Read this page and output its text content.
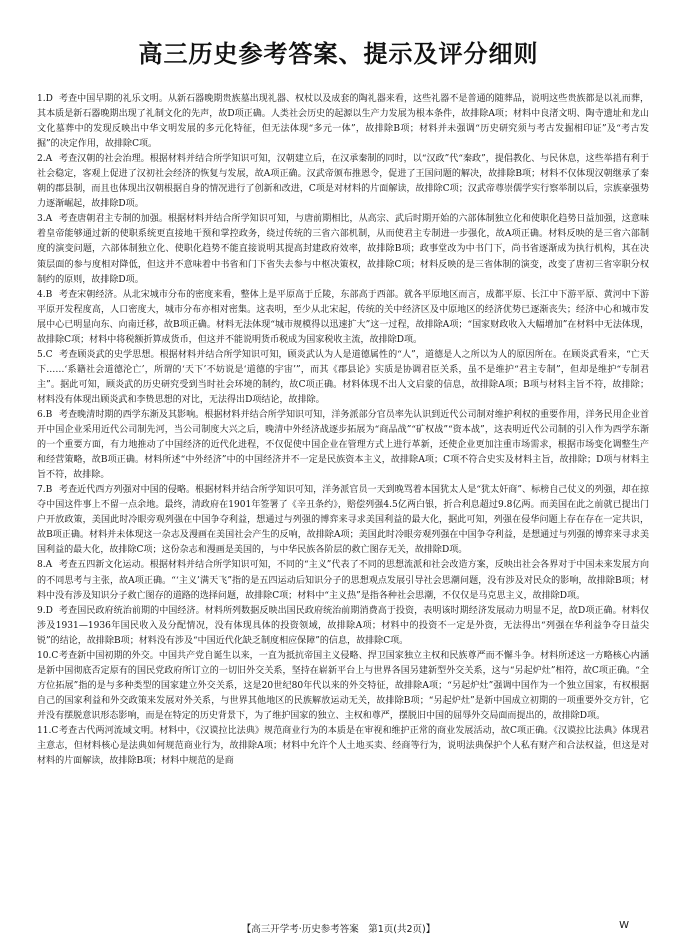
高三历史参考答案、提示及评分细则

1.D 考查中国早期的礼乐文明。从新石器晚期贵族墓出现礼器、权杖以及成套的陶礼器来看，这些礼器不是普通的随葬品，说明这些贵族都是以礼而葬，其本质是新石器晚期出现了礼制文化的先声，故D项正确。人类社会历史的起源以生产力发展为根本条件，故排除A项；材料中良渚文明、陶寺遗址和龙山文化墓葬中的发现反映出中华文明发展的多元化特征，但无法体现“多元一体”，故排除B项；材料并未强调“历史研究须与考古发掘相印证”及“考古发掘”的决定作用，故排除C项。

2.A 考查汉朝的社会治理。根据材料并结合所学知识可知，汉朝建立后，在汉承秦制的同时，以“汉政”代“秦政”，提倡教化、与民休息，这些举措有利于社会稳定，客观上促进了汉初社会经济的恢复与发展，故A项正确。汉武帝颁布推恩令，促进了王国问题的解决，故排除B项；材料不仅体现汉朝继承了秦朝的郡县制，而且也体现出汉朝根据自身的情况进行了创新和改进，C项是对材料的片面解读，故排除C项；汉武帝尊崇儒学实行察举制以后，宗族豪强势力逐渐崛起，故排除D项。

3.A 考查唐朝君主专制的加强。根据材料并结合所学知识可知，与唐前期相比，从高宗、武后时期开始的六部体制独立化和使职化趋势日益加强，这意味着皇帝能够通过新的使职系统更直接地干预和掌控政务，绕过传统的三省六部机制，从而使君主专制进一步强化，故A项正确。材料反映的是三省六部制度的演变问题，六部体制独立化、使职化趋势不能直接说明其提高封建政府效率，故排除B项；政事堂改为中书门下，尚书省逐渐成为执行机构，其在决策层面的参与度相对降低，但这并不意味着中书省和门下省失去参与中枢决策权，故排除C项；材料反映的是三省体制的演变，改变了唐初三省宰职分权制约的原则，故排除D项。

4.B 考查宋朝经济。从北宋城市分布的密度来看，整体上是平原高于丘陵，东部高于西部。就各平原地区而言，成都平原、长江中下游平原、黄河中下游平原开发程度高，人口密度大，城市分布亦相对密集。这表明，至少从北宋起，传统的关中经济区及中原地区的经济优势已逐渐丧失；经济中心和城市发展中心已明显向东、向南迁移，故B项正确。材料无法体现“城市规模得以迅速扩大”这一过程，故排除A项；“国家财政收入大幅增加”在材料中无法体现，故排除C项；材料中将税额折算成货币，但这并不能说明货币税成为国家税收主流，故排除D项。

5.C 考查顾炎武的史学思想。根据材料并结合所学知识可知，顾炎武认为人是道德属性的“人”，道德是人之所以为人的原因所在。在顾炎武看来，“亡天下……‘系籍社会道德沦亡’，所谓的‘天下’不妨说是‘道德的宇宙’”，而其《郡县论》实质是协调君臣关系，虽不是维护“君主专制”，但却是维护“专制君主”。据此可知，顾炎武的历史研究受到当时社会环境的制约，故C项正确。材料体现不出人文启蒙的信息，故排除A项；B项与材料主旨不符，故排除；材料没有体现出顾炎武和李贽思想的对比，无法得出D项结论，故排除。

6.B 考查晚清时期的西学东渐及其影响。根据材料并结合所学知识可知，洋务派部分官员率先认识到近代公司制对维护利权的重要作用，洋务民用企业首开中国企业采用近代公司制先河，当公司制度大兴之后，晚清中外经济战逐步拓展为“商品战”“矿权战”“资本战”，这表明近代公司制的引入作为西学东渐的一个重要方面，有力地推动了中国经济的近代化进程，不仅促使中国企业在管理方式上进行革新，还使企业更加注重市场需求，根据市场变化调整生产和经营策略，故B项正确。材料所述“中外经济”中的中国经济并不一定是民族资本主义，故排除A项；C项不符合史实及材料主旨，故排除；D项与材料主旨不符，故排除。

7.B 考查近代西方列强对中国的侵略。根据材料并结合所学知识可知，洋务派官员一天到晚骂着本国犹太人是“犹太奸商”、标榜自己仗义的列强，却在掠夺中国这件事上不留一点余地。最终，清政府在1901年签署了《辛丑条约》，赔偿列强4.5亿两白银，折合利息超过9.8亿两。而美国在此之前就已提出门户开放政策，美国此时冷眼旁观列强在中国争夺利益，想通过与列强的博弈来寻求美国利益的最大化，据此可知，列强在侵华问题上存在存在一定共识，故B项正确。材料并未体现这一杂志及漫画在美国社会产生的反响，故排除A项；美国此时冷眼旁观列强在中国争夺利益，是想通过与列强的博弈来寻求美国利益的最大化，故排除C项；这份杂志和漫画是美国的，与中华民族各阶层的救亡图存无关，故排除D项。

8.A 考查五四新文化运动。根据材料并结合所学知识可知，不同的“主义”代表了不同的思想流派和社会改造方案，反映出社会各界对于中国未来发展方向的不同思考与主张，故A项正确。“‘主义’满天飞”指的是五四运动后知识分子的思想观点发展引导社会思潮问题，没有涉及对民众的影响，故排除B项；材料中没有涉及知识分子救亡图存的道路的选择问题，故排除C项；材料中“主义热”是指各种社会思潮，不仅仅是马克思主义，故排除D项。

9.D 考查国民政府统治前期的中国经济。材料所列数据反映出国民政府统治前期消费高于投资，表明该时期经济发展动力明显不足，故D项正确。材料仅涉及1931—1936年国民收入及分配情况，没有体现具体的投资领域，故排除A项；材料中的投资不一定是外资，无法得出“列强在华利益争夺日益尖锐”的结论，故排除B项；材料没有涉及“中国近代化缺乏制度相应保障”的信息，故排除C项。

10.C考查新中国初期的外交。中国共产党自诞生以来，一直为抵抗帝国主义侵略、捍卫国家独立主权和民族尊严而不懈斗争。材料所述这一方略核心内涵是新中国彻底否定原有的国民党政府所订立的一切旧外交关系，坚持在崭新平台上与世界各国另建新型外交关系，这与“另起炉灶”相符，故C项正确。“全方位拓展”指的是与多种类型的国家建立外交关系，这是20世纪80年代以来的外交特征，故排除A项；“另起炉灶”强调中国作为一个独立国家，有权根据自己的国家利益和外交政策来发展对外关系，与世界其他地区的民族解放运动无关，故排除B项；“另起炉灶”是新中国成立初期的一项重要外交方针，它并没有摆脱意识形态影响，而是在特定的历史背景下，为了维护国家的独立、主权和尊严，摆脱旧中国的屈辱外交局面而提出的，故排除D项。

11.C考查古代两河流域文明。材料中，《汉谟拉比法典》规范商业行为的本质是在审视和维护正常的商业发展活动，故C项正确。《汉谟拉比法典》体现君主意志，但材料核心是法典如何规范商业行为，故排除A项；材料中允许个人土地买卖、经商等行为，说明法典保护个人私有财产和合法权益，但这是对材料的片面解读，故排除B项；材料中规范的是商

【高三开学考·历史参考答案　第1页(共2页)】	W
